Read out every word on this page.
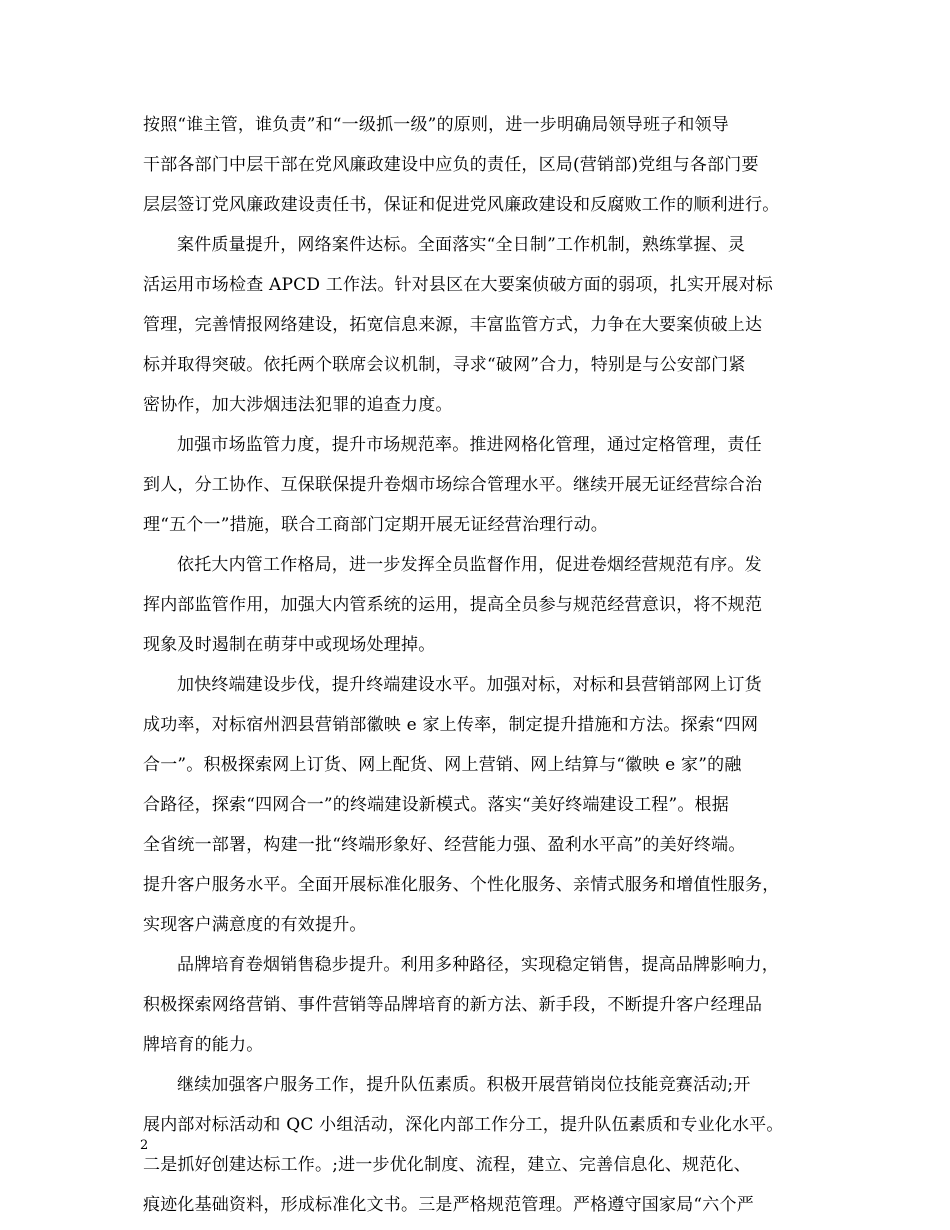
按照“谁主管，谁负责”和“一级抓一级”的原则，进一步明确局领导班子和领导
干部各部门中层干部在党风廉政建设中应负的责任，区局(营销部)党组与各部门要
层层签订党风廉政建设责任书，保证和促进党风廉政建设和反腐败工作的顺利进行。
案件质量提升，网络案件达标。全面落实“全日制”工作机制，熟练掌握、灵
活运用市场检查 APCD 工作法。针对县区在大要案侦破方面的弱项，扎实开展对标
管理，完善情报网络建设，拓宽信息来源，丰富监管方式，力争在大要案侦破上达
标并取得突破。依托两个联席会议机制，寻求“破网”合力，特别是与公安部门紧
密协作，加大涉烟违法犯罪的追查力度。
加强市场监管力度，提升市场规范率。推进网格化管理，通过定格管理，责任
到人，分工协作、互保联保提升卷烟市场综合管理水平。继续开展无证经营综合治
理“五个一”措施，联合工商部门定期开展无证经营治理行动。
依托大内管工作格局，进一步发挥全员监督作用，促进卷烟经营规范有序。发
挥内部监管作用，加强大内管系统的运用，提高全员参与规范经营意识，将不规范
现象及时遏制在萌芽中或现场处理掉。
加快终端建设步伐，提升终端建设水平。加强对标，对标和县营销部网上订货
成功率，对标宿州泗县营销部徽映 e 家上传率，制定提升措施和方法。探索“四网
合一”。积极探索网上订货、网上配货、网上营销、网上结算与“徽映 e 家”的融
合路径，探索“四网合一”的终端建设新模式。落实“美好终端建设工程”。根据
全省统一部署，构建一批“终端形象好、经营能力强、盈利水平高”的美好终端。
提升客户服务水平。全面开展标准化服务、个性化服务、亲情式服务和增值性服务，
实现客户满意度的有效提升。
品牌培育卷烟销售稳步提升。利用多种路径，实现稳定销售，提高品牌影响力，
积极探索网络营销、事件营销等品牌培育的新方法、新手段，不断提升客户经理品
牌培育的能力。
继续加强客户服务工作，提升队伍素质。积极开展营销岗位技能竞赛活动;开
展内部对标活动和 QC 小组活动，深化内部工作分工，提升队伍素质和专业化水平。
二是抓好创建达标工作。;进一步优化制度、流程，建立、完善信息化、规范化、
痕迹化基础资料，形成标准化文书。三是严格规范管理。严格遵守国家局“六个严
2
